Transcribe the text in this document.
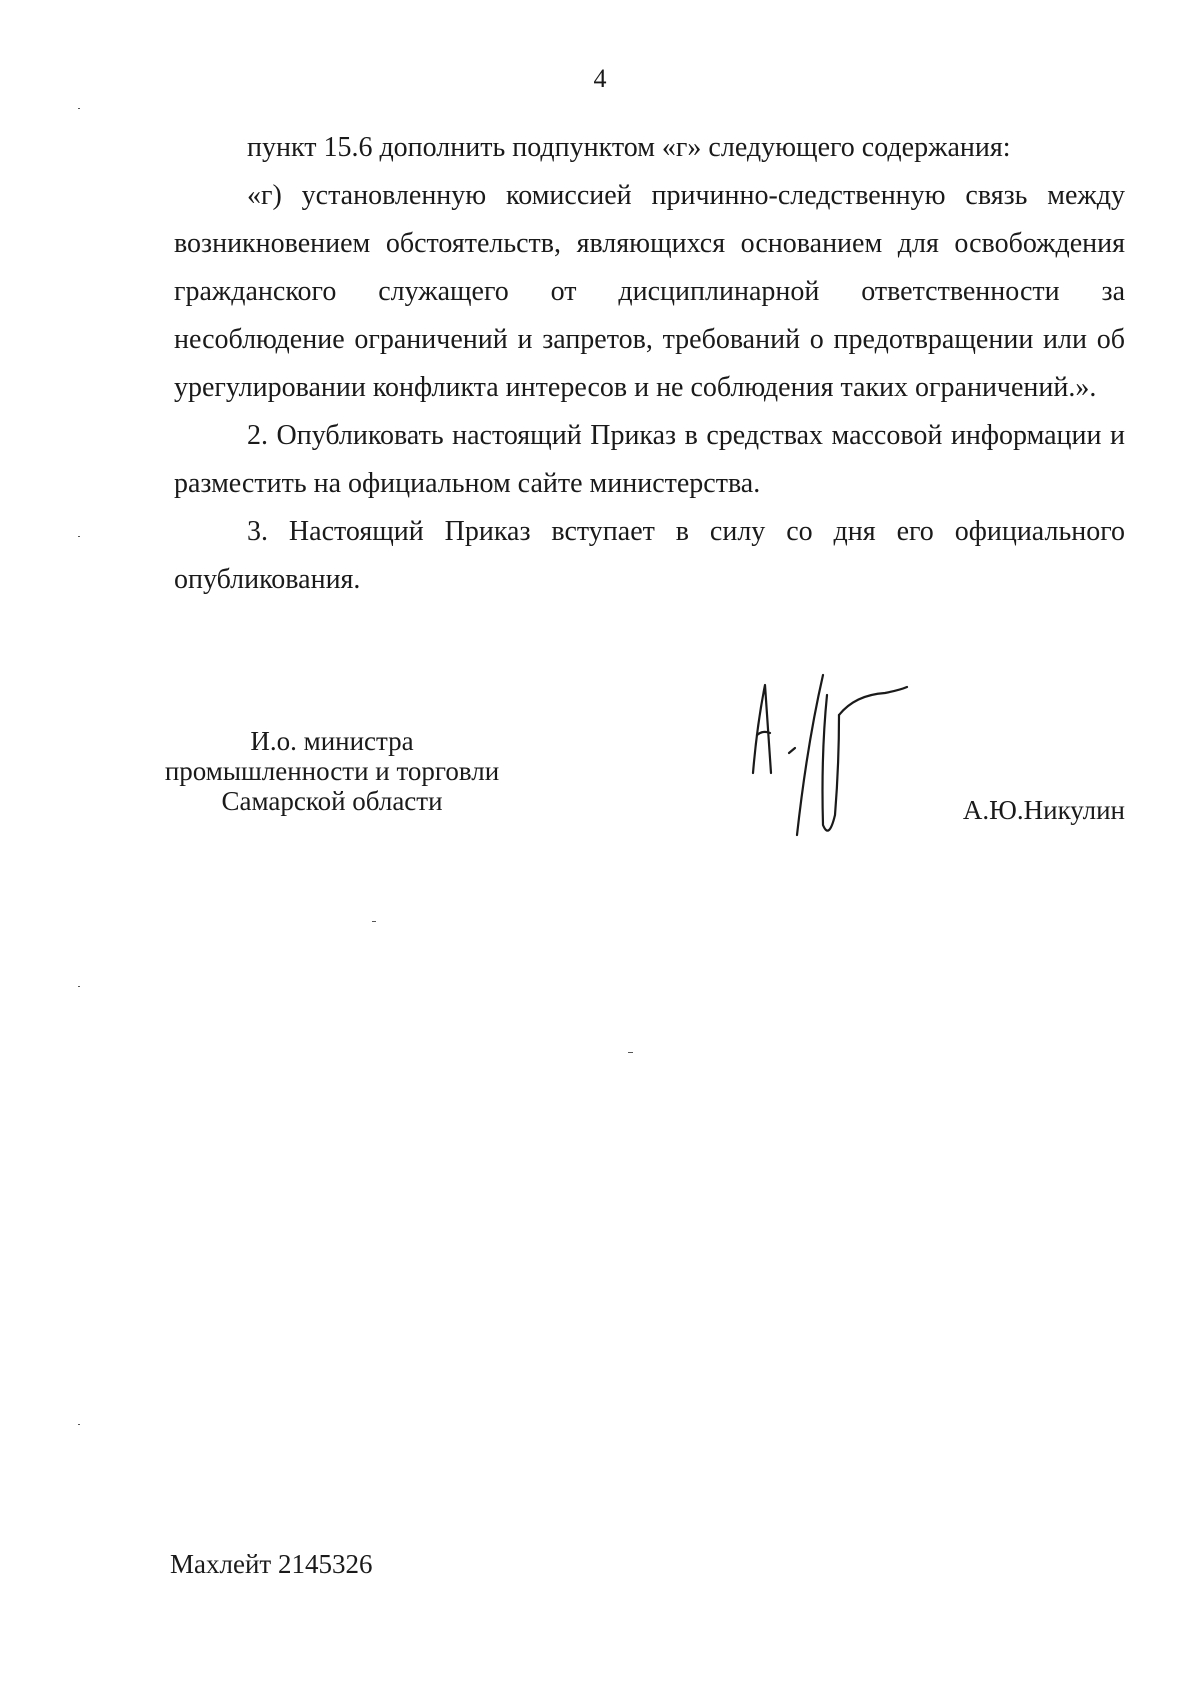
4

пункт 15.6 дополнить подпунктом «г» следующего содержания:

«г) установленную комиссией причинно-следственную связь между возникновением обстоятельств, являющихся основанием для освобождения гражданского служащего от дисциплинарной ответственности за несоблюдение ограничений и запретов, требований о предотвращении или об урегулировании конфликта интересов и не соблюдения таких ограничений.».

2. Опубликовать настоящий Приказ в средствах массовой информации и разместить на официальном сайте министерства.

3. Настоящий Приказ вступает в силу со дня его официального опубликования.

И.о. министра
промышленности и торговли
Самарской области	А.Ю.Никулин
Махлейт 2145326
